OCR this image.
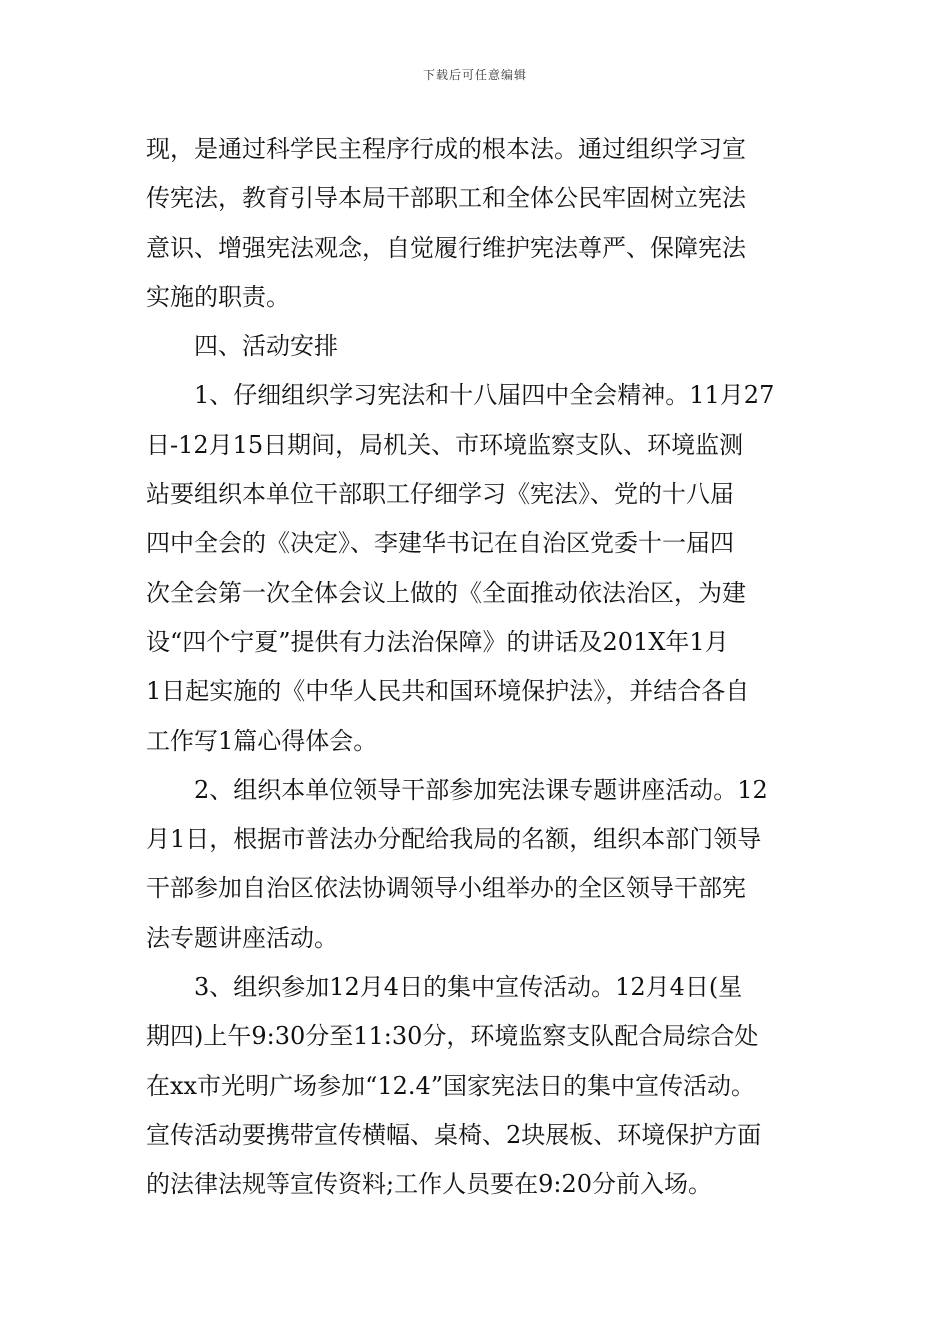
下载后可任意编辑
现，是通过科学民主程序行成的根本法。通过组织学习宣
传宪法，教育引导本局干部职工和全体公民牢固树立宪法
意识、增强宪法观念，自觉履行维护宪法尊严、保障宪法
实施的职责。
四、活动安排
1、仔细组织学习宪法和十八届四中全会精神。11月27
日-12月15日期间，局机关、市环境监察支队、环境监测
站要组织本单位干部职工仔细学习《宪法》、党的十八届
四中全会的《决定》、李建华书记在自治区党委十一届四
次全会第一次全体会议上做的《全面推动依法治区，为建
设“四个宁夏”提供有力法治保障》的讲话及201X年1月
1日起实施的《中华人民共和国环境保护法》，并结合各自
工作写1篇心得体会。
2、组织本单位领导干部参加宪法课专题讲座活动。12
月1日，根据市普法办分配给我局的名额，组织本部门领导
干部参加自治区依法协调领导小组举办的全区领导干部宪
法专题讲座活动。
3、组织参加12月4日的集中宣传活动。12月4日(星
期四)上午9:30分至11:30分，环境监察支队配合局综合处
在xx市光明广场参加“12.4”国家宪法日的集中宣传活动。
宣传活动要携带宣传横幅、桌椅、2块展板、环境保护方面
的法律法规等宣传资料;工作人员要在9:20分前入场。
